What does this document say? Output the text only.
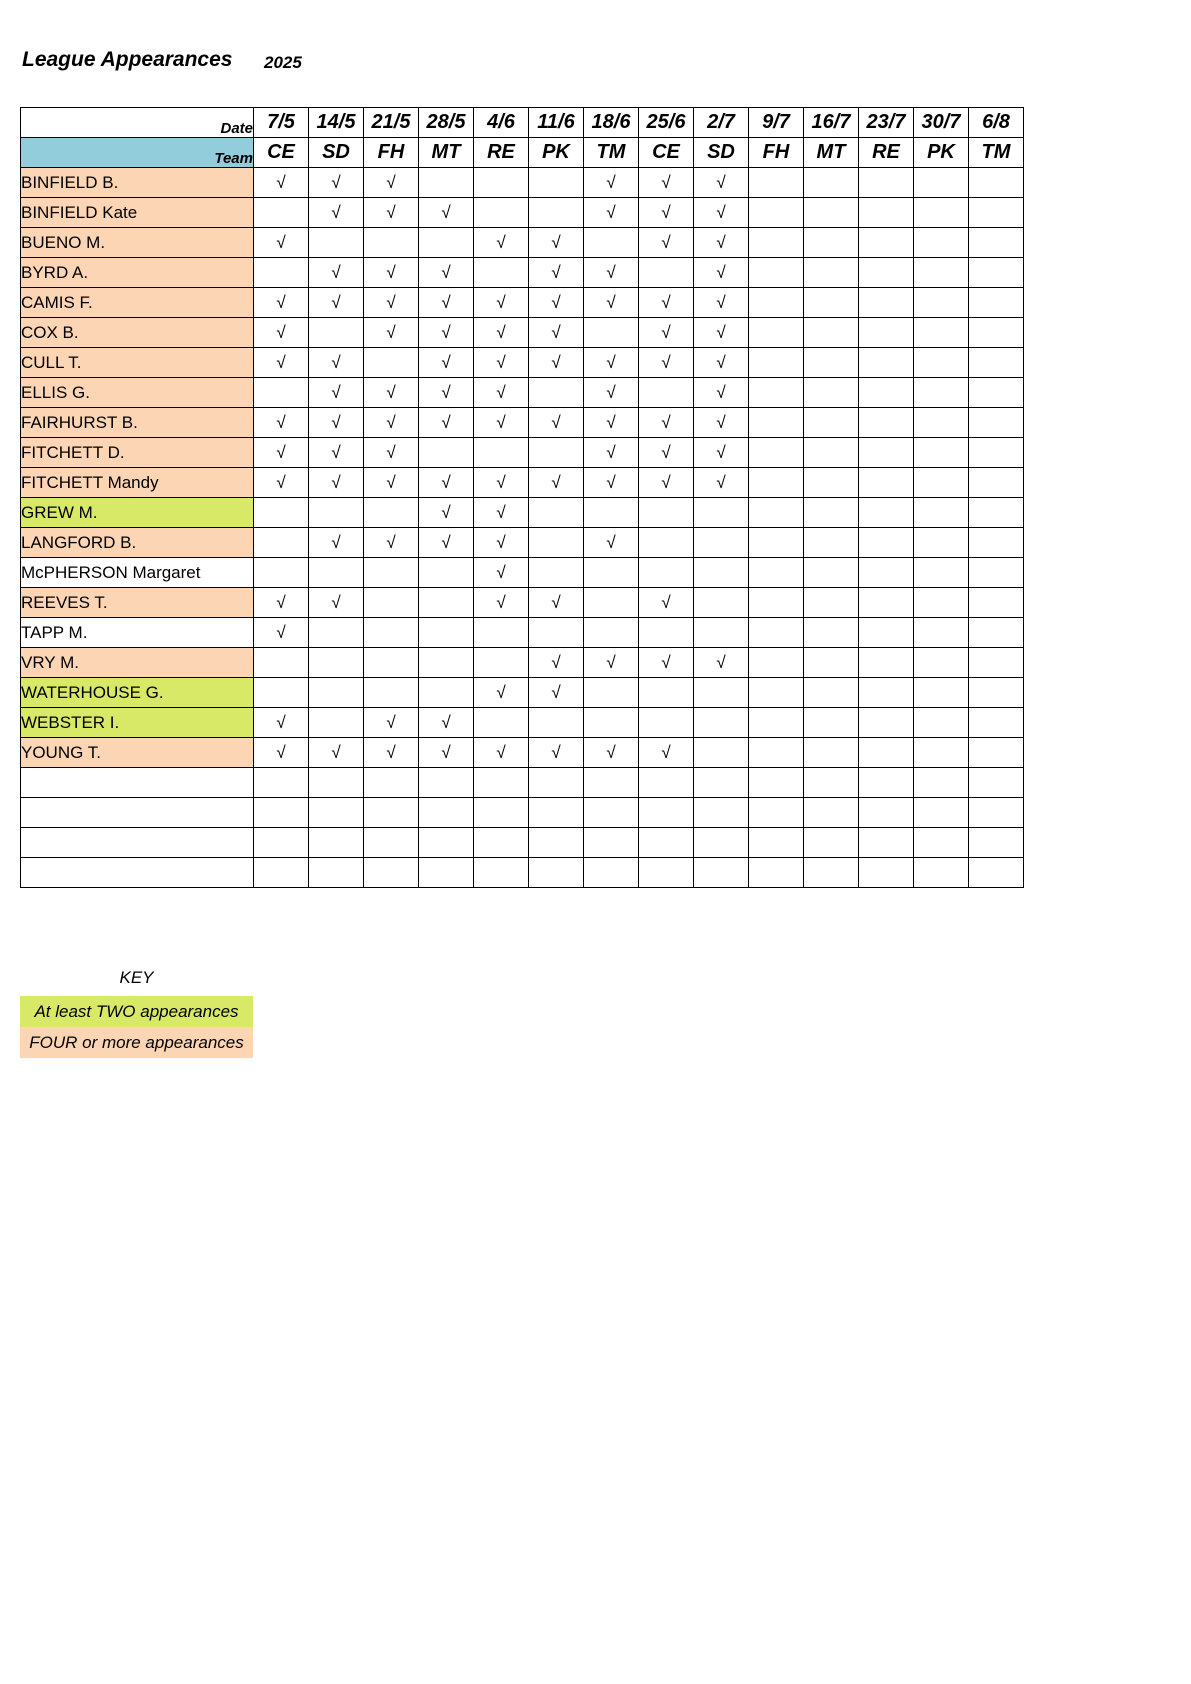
League Appearances 2025
Date	7/5	14/5	21/5	28/5	4/6	11/6	18/6	25/6	2/7	9/7	16/7	23/7	30/7	6/8
Team	CE	SD	FH	MT	RE	PK	TM	CE	SD	FH	MT	RE	PK	TM
BINFIELD B.	√	√	√				√	√	√					
BINFIELD Kate		√	√	√			√	√	√					
BUENO M.	√				√	√		√	√					
BYRD A.		√	√	√		√	√		√					
CAMIS F.	√	√	√	√	√	√	√	√	√					
COX B.	√		√	√	√	√		√	√					
CULL T.	√	√		√	√	√	√	√	√					
ELLIS G.		√	√	√	√		√		√					
FAIRHURST B.	√	√	√	√	√	√	√	√	√					
FITCHETT D.	√	√	√				√	√	√					
FITCHETT Mandy	√	√	√	√	√	√	√	√	√					
GREW M.				√	√									
LANGFORD B.		√	√	√	√		√							
McPHERSON Margaret					√									
REEVES T.	√	√			√	√		√						
TAPP M.	√													
VRY M.						√	√	√	√					
WATERHOUSE G.					√	√								
WEBSTER I.	√		√	√										
YOUNG T.	√	√	√	√	√	√	√	√						

KEY
At least TWO appearances
FOUR or more appearances
